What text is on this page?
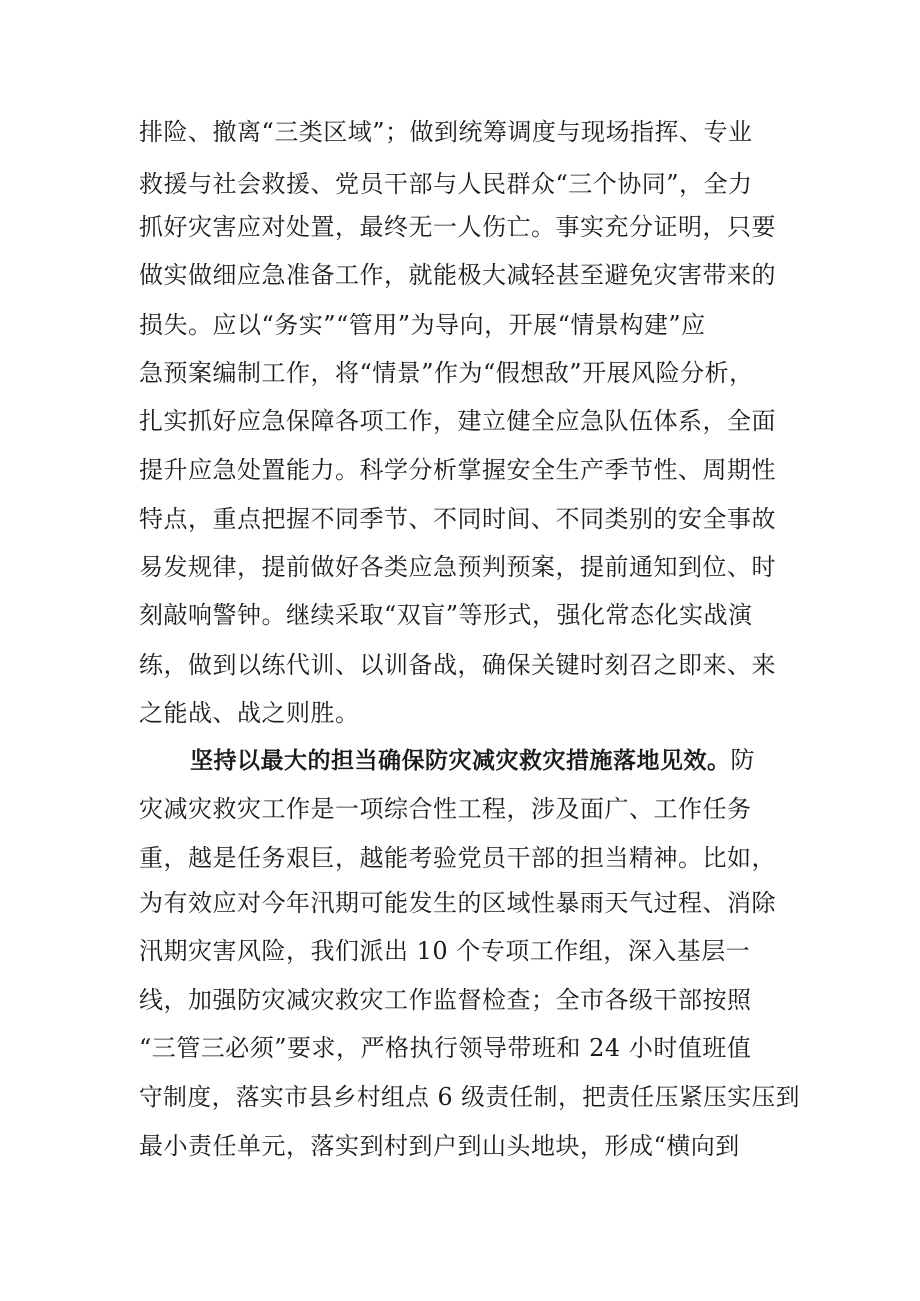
排险、撤离“三类区域”；做到统筹调度与现场指挥、专业
救援与社会救援、党员干部与人民群众“三个协同”，全力
抓好灾害应对处置，最终无一人伤亡。事实充分证明，只要
做实做细应急准备工作，就能极大减轻甚至避免灾害带来的
损失。应以“务实”“管用”为导向，开展“情景构建”应
急预案编制工作，将“情景”作为“假想敌”开展风险分析，
扎实抓好应急保障各项工作，建立健全应急队伍体系，全面
提升应急处置能力。科学分析掌握安全生产季节性、周期性
特点，重点把握不同季节、不同时间、不同类别的安全事故
易发规律，提前做好各类应急预判预案，提前通知到位、时
刻敲响警钟。继续采取“双盲”等形式，强化常态化实战演
练，做到以练代训、以训备战，确保关键时刻召之即来、来
之能战、战之则胜。
坚持以最大的担当确保防灾减灾救灾措施落地见效。防
灾减灾救灾工作是一项综合性工程，涉及面广、工作任务
重，越是任务艰巨，越能考验党员干部的担当精神。比如，
为有效应对今年汛期可能发生的区域性暴雨天气过程、消除
汛期灾害风险，我们派出 10 个专项工作组，深入基层一
线，加强防灾减灾救灾工作监督检查；全市各级干部按照
“三管三必须”要求，严格执行领导带班和 24 小时值班值
守制度，落实市县乡村组点 6 级责任制，把责任压紧压实压到
最小责任单元，落实到村到户到山头地块，形成“横向到
